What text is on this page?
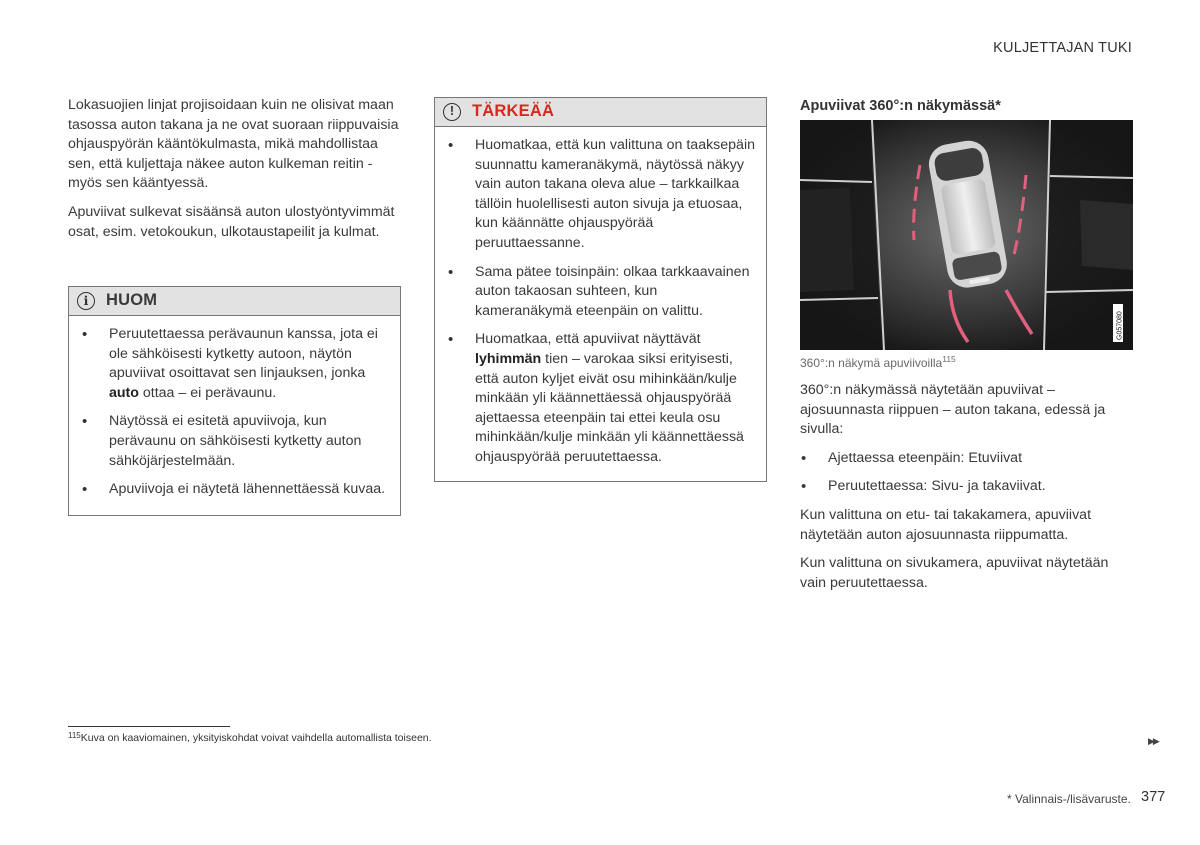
KULJETTAJAN TUKI

Lokasuojien linjat projisoidaan kuin ne olisivat maan tasossa auton takana ja ne ovat suoraan riippuvaisia ohjauspyörän kääntökulmasta, mikä mahdollistaa sen, että kuljettaja näkee auton kulkeman reitin - myös sen kääntyessä.

Apuviivat sulkevat sisäänsä auton ulostyöntyvimmät osat, esim. vetokoukun, ulkotaustapeilit ja kulmat.

i	HUOM
• Peruutettaessa perävaunun kanssa, jota ei ole sähköisesti kytketty autoon, näytön apuviivat osoittavat sen linjauksen, jonka auto ottaa – ei perävaunu.
• Näytössä ei esitetä apuviivoja, kun perävaunu on sähköisesti kytketty auton sähköjärjestelmään.
• Apuviivoja ei näytetä lähennettäessä kuvaa.
!	TÄRKEÄÄ
• Huomatkaa, että kun valittuna on taaksepäin suunnattu kameranäkymä, näytössä näkyy vain auton takana oleva alue – tarkkailkaa tällöin huolellisesti auton sivuja ja etuosaa, kun käännätte ohjauspyörää peruuttaessanne.
• Sama pätee toisinpäin: olkaa tarkkaavainen auton takaosan suhteen, kun kameranäkymä eteenpäin on valittu.
• Huomatkaa, että apuviivat näyttävät lyhimmän tien – varokaa siksi erityisesti, että auton kyljet eivät osu mihinkään/kulje minkään yli käännettäessä ohjauspyörää ajettaessa eteenpäin tai ettei keula osu mihinkään/kulje minkään yli käännettäessä ohjauspyörää peruutettaessa.
Apuviivat 360°:n näkymässä*
G057080
360°:n näkymä apuviivoilla$^{115}$

360°:n näkymässä näytetään apuviivat – ajosuunnasta riippuen – auton takana, edessä ja sivulla:

• Ajettaessa eteenpäin: Etuviivat
• Peruutettaessa: Sivu- ja takaviivat.

Kun valittuna on etu- tai takakamera, apuviivat näytetään auton ajosuunnasta riippumatta.

Kun valittuna on sivukamera, apuviivat näytetään vain peruutettaessa.

$^{115}$Kuva on kaaviomainen, yksityiskohdat voivat vaihdella automallista toiseen.	▶▶
* Valinnais-/lisävaruste. 377
